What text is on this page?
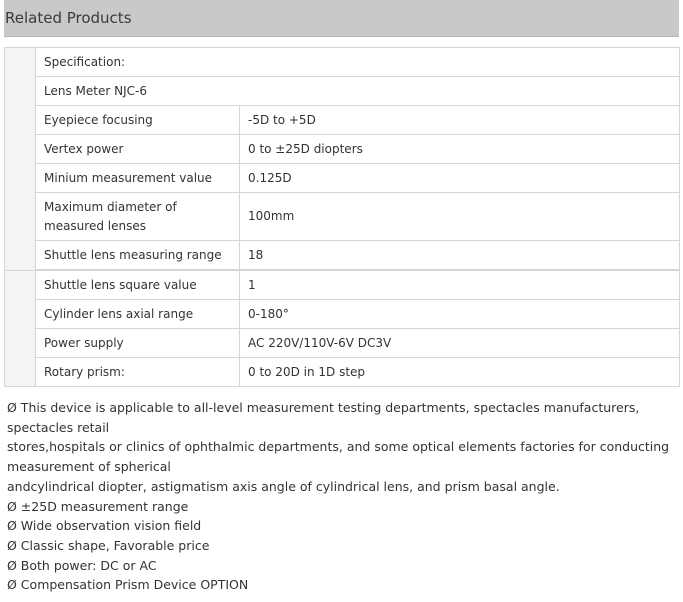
Related Products
	Specification:	
	Lens Meter NJC-6	
	Eyepiece focusing	-5D to +5D
	Vertex power	0 to ±25D diopters
	Minium measurement value	0.125D
	Maximum diameter of measured lenses	100mm
	Shuttle lens measuring range	18

	Shuttle lens square value	1
	Cylinder lens axial range	0-180°
	Power supply	AC 220V/110V-6V DC3V
	Rotary prism:	0 to 20D in 1D step
Ø This device is applicable to all-level measurement testing departments, spectacles manufacturers,
spectacles retail
stores,hospitals or clinics of ophthalmic departments, and some optical elements factories for conducting
measurement of spherical
andcylindrical diopter, astigmatism axis angle of cylindrical lens, and prism basal angle.
Ø ±25D measurement range
Ø Wide observation vision field
Ø Classic shape, Favorable price
Ø Both power: DC or AC
Ø Compensation Prism Device OPTION
